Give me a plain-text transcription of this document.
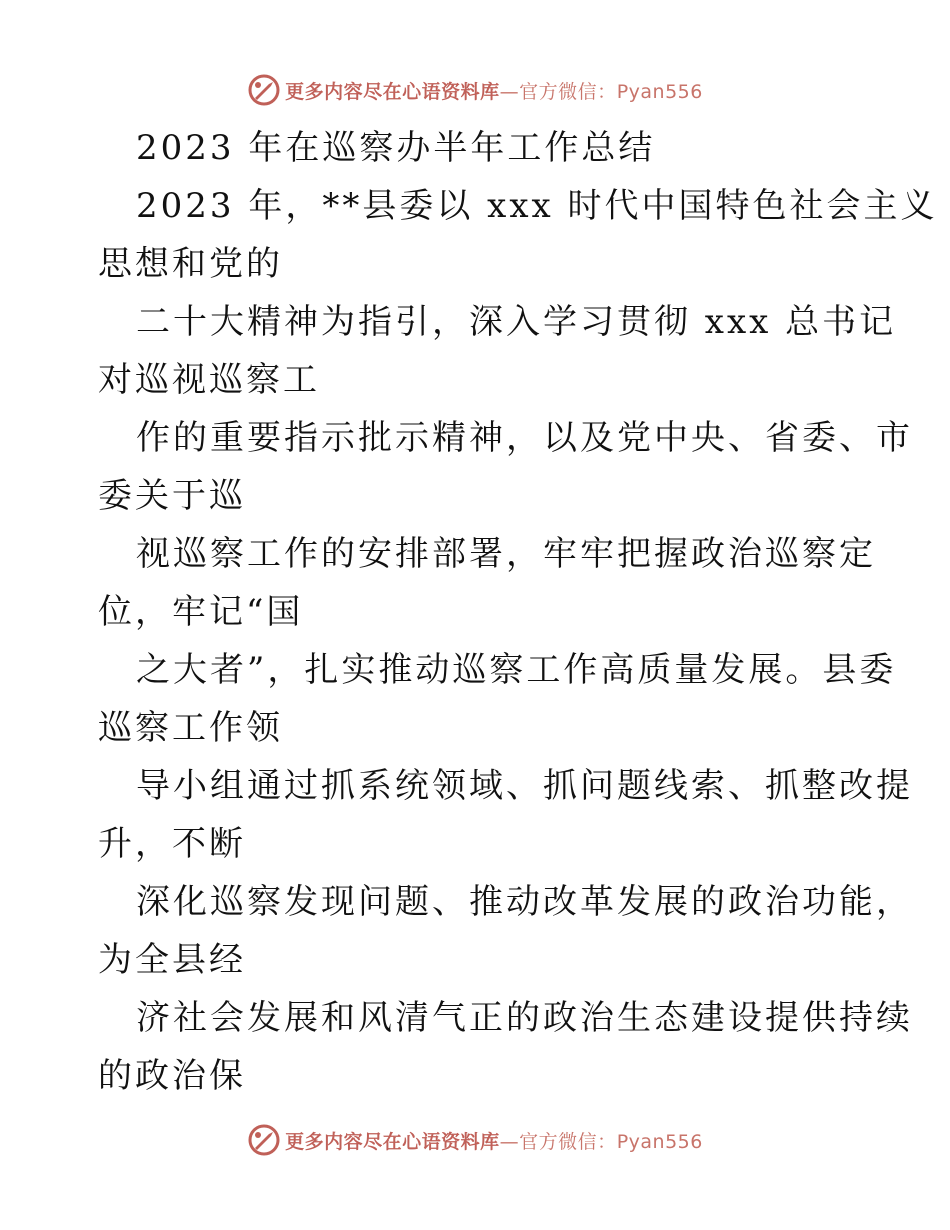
更多内容尽在心语资料库—官方微信：Pyan556
2023 年在巡察办半年工作总结
2023 年，**县委以 xxx 时代中国特色社会主义
思想和党的
二十大精神为指引，深入学习贯彻 xxx 总书记
对巡视巡察工
作的重要指示批示精神，以及党中央、省委、市
委关于巡
视巡察工作的安排部署，牢牢把握政治巡察定
位，牢记“国
之大者”，扎实推动巡察工作高质量发展。县委
巡察工作领
导小组通过抓系统领域、抓问题线索、抓整改提
升，不断
深化巡察发现问题、推动改革发展的政治功能，
为全县经
济社会发展和风清气正的政治生态建设提供持续
的政治保
更多内容尽在心语资料库—官方微信：Pyan556
